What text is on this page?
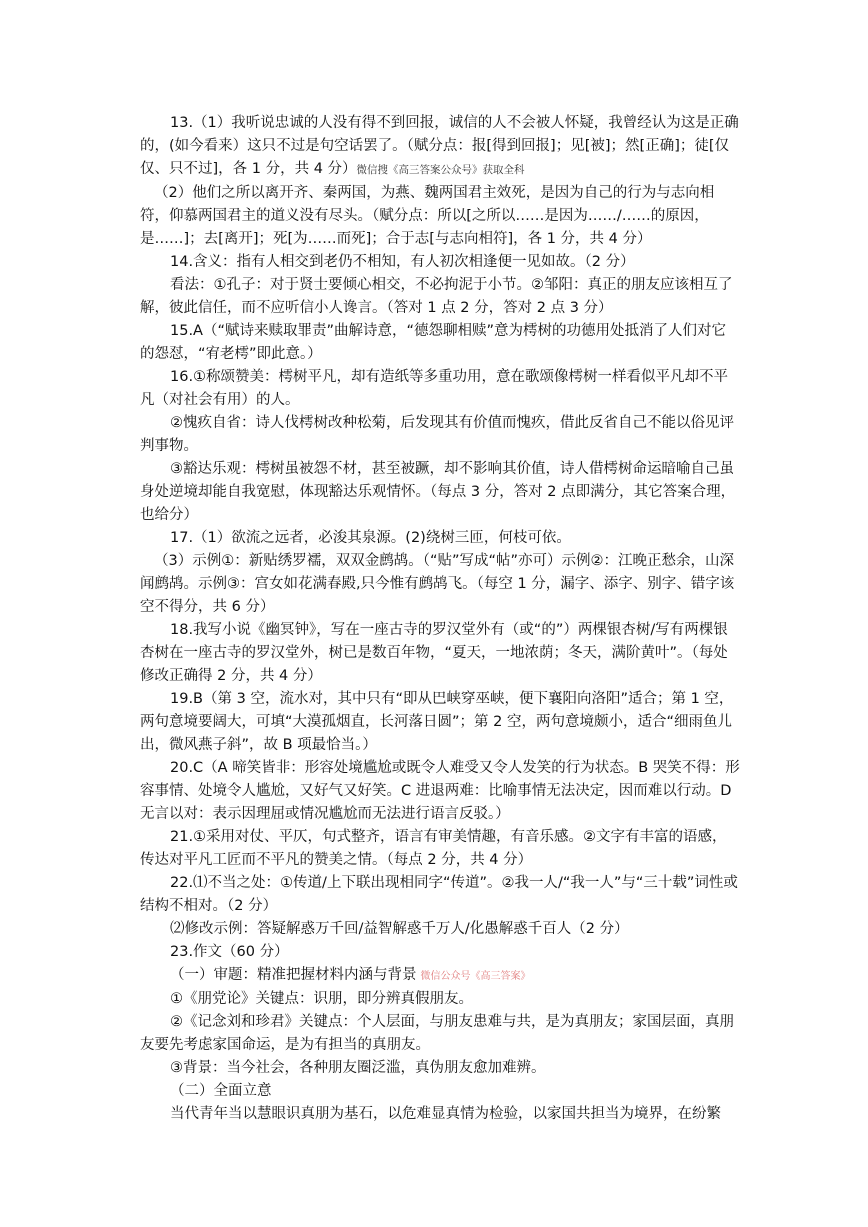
13.（1）我听说忠诚的人没有得不到回报，诚信的人不会被人怀疑，我曾经认为这是正确的，(如今看来）这只不过是句空话罢了。（赋分点：报[得到回报]；见[被]；然[正确]；徒[仅仅、只不过]，各 1 分，共 4 分）微信搜《高三答案公众号》获取全科

（2）他们之所以离开齐、秦两国，为燕、魏两国君主效死，是因为自己的行为与志向相符，仰慕两国君主的道义没有尽头。（赋分点：所以[之所以……是因为……/……的原因，是……]；去[离开]；死[为……而死]；合于志[与志向相符]，各 1 分，共 4 分）

14.含义：指有人相交到老仍不相知，有人初次相逢便一见如故。（2 分）

看法：①孔子：对于贤士要倾心相交，不必拘泥于小节。②邹阳：真正的朋友应该相互了解，彼此信任，而不应听信小人谗言。（答对 1 点 2 分，答对 2 点 3 分）

15.A（“赋诗来赎取罪责”曲解诗意，“德怨聊相赎”意为樗树的功德用处抵消了人们对它的怨怼，“宥老樗”即此意。）

16.①称颂赞美：樗树平凡，却有造纸等多重功用，意在歌颂像樗树一样看似平凡却不平凡（对社会有用）的人。

②愧疚自省：诗人伐樗树改种松菊，后发现其有价值而愧疚，借此反省自己不能以俗见评判事物。

③豁达乐观：樗树虽被怨不材，甚至被蹶，却不影响其价值，诗人借樗树命运暗喻自己虽身处逆境却能自我宽慰，体现豁达乐观情怀。（每点 3 分，答对 2 点即满分，其它答案合理，也给分）

17.（1）欲流之远者，必浚其泉源。(2)绕树三匝，何枝可依。

（3）示例①：新贴绣罗襦，双双金鹧鸪。（“贴”写成“帖”亦可）示例②：江晚正愁余，山深闻鹧鸪。示例③：宫女如花满春殿,只今惟有鹧鸪飞。（每空 1 分，漏字、添字、别字、错字该空不得分，共 6 分）

18.我写小说《幽冥钟》，写在一座古寺的罗汉堂外有（或“的”）两棵银杏树/写有两棵银杏树在一座古寺的罗汉堂外，树已是数百年物，“夏天，一地浓荫；冬天，满阶黄叶”。（每处修改正确得 2 分，共 4 分）

19.B（第 3 空，流水对，其中只有“即从巴峡穿巫峡，便下襄阳向洛阳”适合；第 1 空，两句意境要阔大，可填“大漠孤烟直，长河落日圆”；第 2 空，两句意境颇小，适合“细雨鱼儿出，微风燕子斜”，故 B 项最恰当。）

20.C（A 啼笑皆非：形容处境尴尬或既令人难受又令人发笑的行为状态。B 哭笑不得：形容事情、处境令人尴尬，又好气又好笑。C 进退两难：比喻事情无法决定，因而难以行动。D 无言以对：表示因理屈或情况尴尬而无法进行语言反驳。）

21.①采用对仗、平仄，句式整齐，语言有审美情趣，有音乐感。②文字有丰富的语感，传达对平凡工匠而不平凡的赞美之情。（每点 2 分，共 4 分）

22.⑴不当之处：①传道/上下联出现相同字“传道”。②我一人/“我一人”与“三十载”词性或结构不相对。（2 分）

⑵修改示例：答疑解惑万千回/益智解惑千万人/化愚解惑千百人（2 分）

23.作文（60 分）

（一）审题：精准把握材料内涵与背景 微信公众号《高三答案》

①《朋党论》关键点：识朋，即分辨真假朋友。

②《记念刘和珍君》关键点：个人层面，与朋友患难与共，是为真朋友；家国层面，真朋友要先考虑家国命运，是为有担当的真朋友。

③背景：当今社会，各种朋友圈泛滥，真伪朋友愈加难辨。

（二）全面立意

当代青年当以慧眼识真朋为基石，以危难显真情为检验，以家国共担当为境界，在纷繁
